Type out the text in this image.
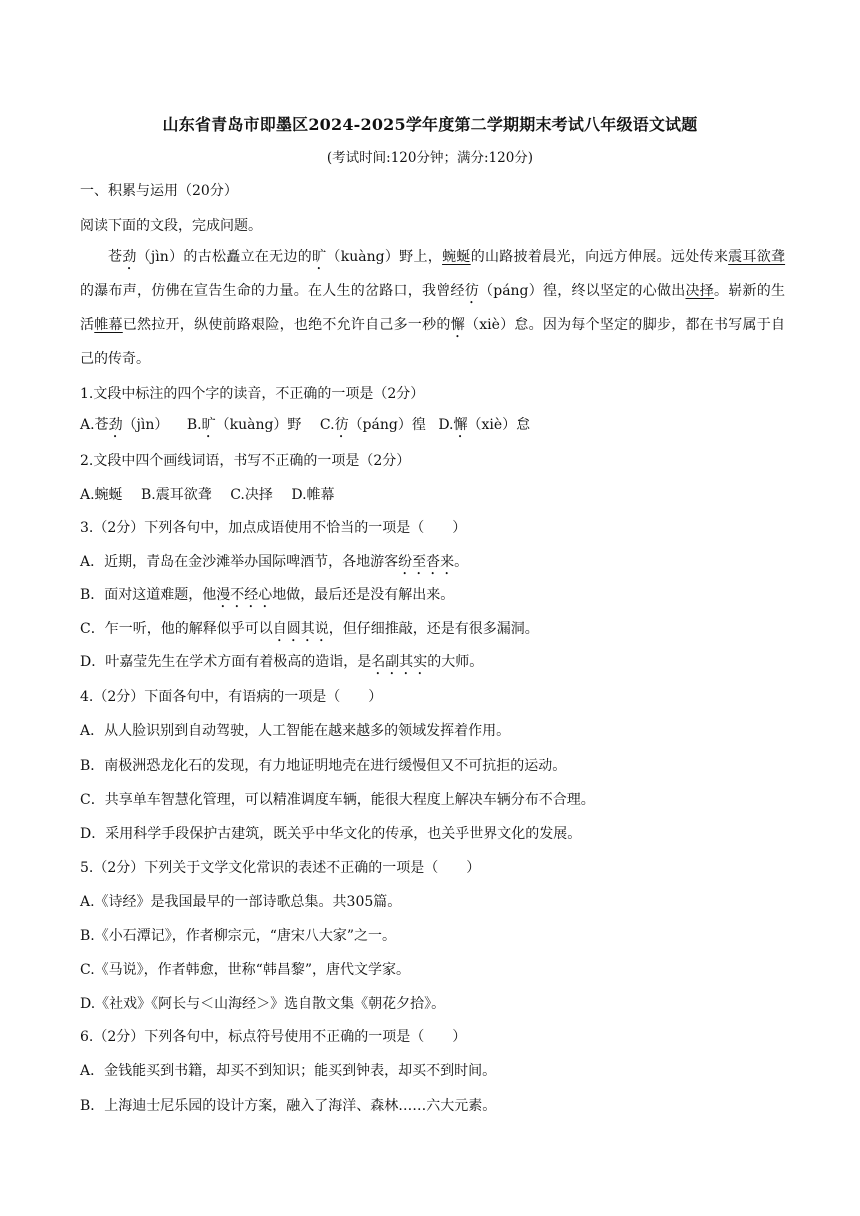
山东省青岛市即墨区2024-2025学年度第二学期期末考试八年级语文试题
(考试时间:120分钟；满分:120分)
一、积累与运用（20分）
阅读下面的文段，完成问题。
苍劲（jìn）的古松矗立在无边的旷（kuàng）野上，蜿蜒的山路披着晨光，向远方伸展。远处传来震耳欲聋的瀑布声，仿佛在宣告生命的力量。在人生的岔路口，我曾经彷（páng）徨，终以坚定的心做出决择。崭新的生活帷幕已然拉开，纵使前路艰险，也绝不允许自己多一秒的懈（xiè）怠。因为每个坚定的脚步，都在书写属于自己的传奇。
1.文段中标注的四个字的读音，不正确的一项是（2分）
A.苍劲（jìn） B.旷（kuàng）野 C.彷（páng）徨 D.懈（xiè）怠
2.文段中四个画线词语，书写不正确的一项是（2分）
A.蜿蜒 B.震耳欲聋 C.决择 D.帷幕
3.（2分）下列各句中，加点成语使用不恰当的一项是（　　）
A．近期，青岛在金沙滩举办国际啤酒节，各地游客纷至沓来。
B．面对这道难题，他漫不经心地做，最后还是没有解出来。
C．乍一听，他的解释似乎可以自圆其说，但仔细推敲，还是有很多漏洞。
D．叶嘉莹先生在学术方面有着极高的造诣，是名副其实的大师。
4.（2分）下面各句中，有语病的一项是（　　）
A．从人脸识别到自动驾驶，人工智能在越来越多的领域发挥着作用。
B．南极洲恐龙化石的发现，有力地证明地壳在进行缓慢但又不可抗拒的运动。
C．共享单车智慧化管理，可以精准调度车辆，能很大程度上解决车辆分布不合理。
D．采用科学手段保护古建筑，既关乎中华文化的传承，也关乎世界文化的发展。
5.（2分）下列关于文学文化常识的表述不正确的一项是（　　）
A.《诗经》是我国最早的一部诗歌总集。共305篇。
B.《小石潭记》，作者柳宗元，“唐宋八大家”之一。
C.《马说》，作者韩愈，世称“韩昌黎”，唐代文学家。
D.《社戏》《阿长与＜山海经＞》选自散文集《朝花夕拾》。
6.（2分）下列各句中，标点符号使用不正确的一项是（　　）
A．金钱能买到书籍，却买不到知识；能买到钟表，却买不到时间。
B．上海迪士尼乐园的设计方案，融入了海洋、森林……六大元素。
